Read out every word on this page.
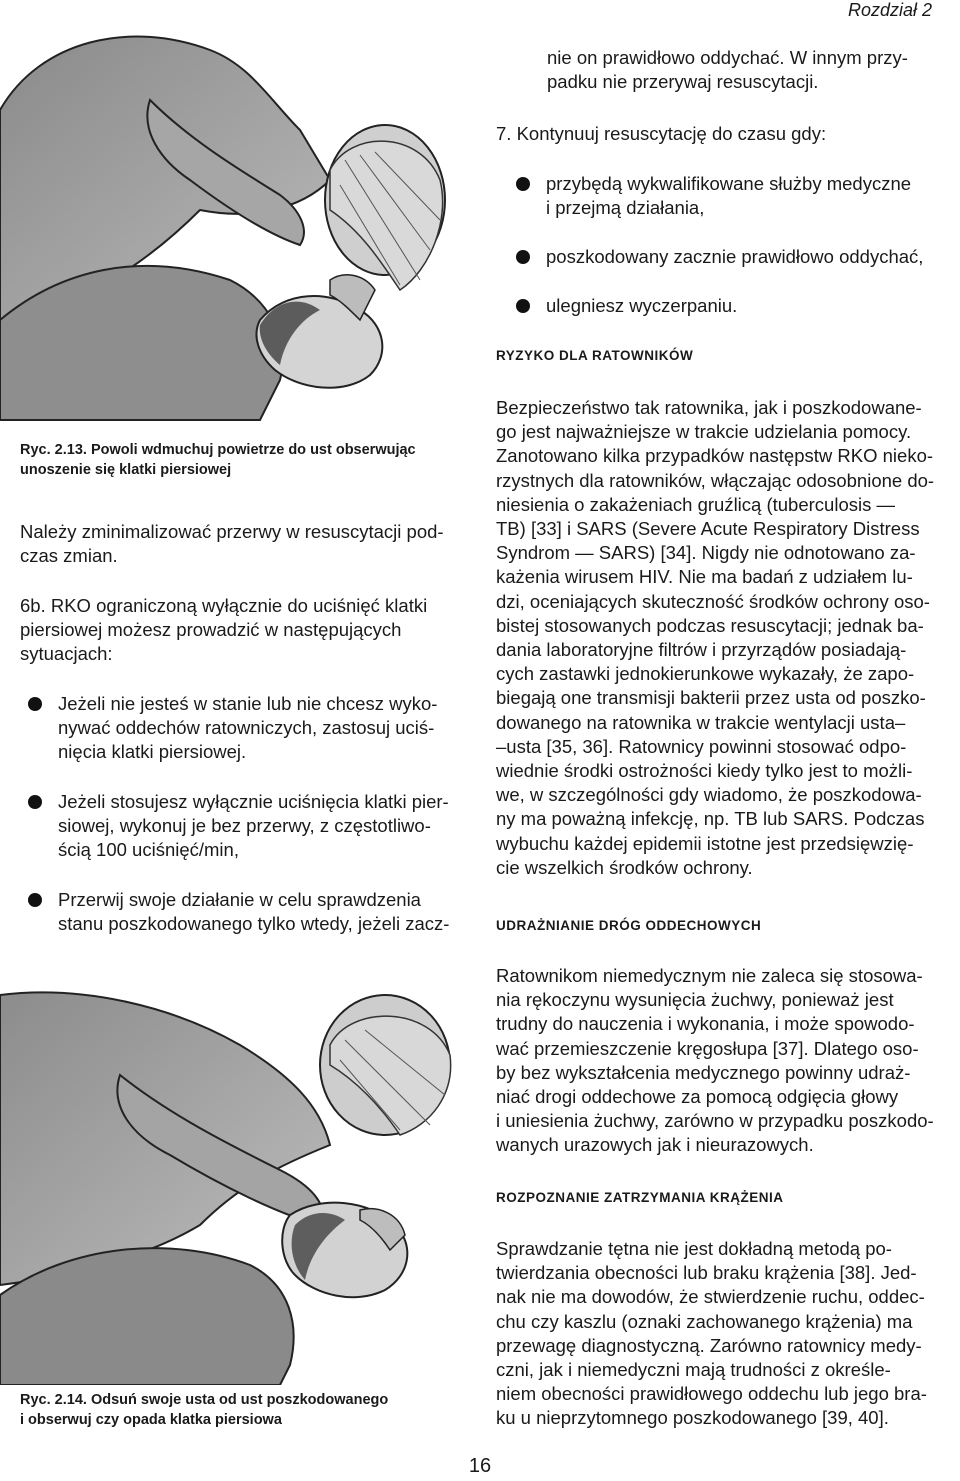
Rozdział 2
nie on prawidłowo oddychać. W innym przy-
padku nie przerywaj resuscytacji.
7. Kontynuuj resuscytację do czasu gdy:
przybędą wykwalifikowane służby medyczne
i przejmą działania,
poszkodowany zacznie prawidłowo oddychać,
ulegniesz wyczerpaniu.
RYZYKO DLA RATOWNIKÓW
Bezpieczeństwo tak ratownika, jak i poszkodowane-
go jest najważniejsze w trakcie udzielania pomocy.
Zanotowano kilka przypadków następstw RKO nieko-
rzystnych dla ratowników, włączając odosobnione do-
niesienia o zakażeniach gruźlicą (tuberculosis —
TB) [33] i SARS (Severe Acute Respiratory Distress
Syndrom — SARS) [34]. Nigdy nie odnotowano za-
każenia wirusem HIV. Nie ma badań z udziałem lu-
dzi, oceniających skuteczność środków ochrony oso-
bistej stosowanych podczas resuscytacji; jednak ba-
dania laboratoryjne filtrów i przyrządów posiadają-
cych zastawki jednokierunkowe wykazały, że zapo-
biegają one transmisji bakterii przez usta od poszko-
dowanego na ratownika w trakcie wentylacji usta–
–usta [35, 36]. Ratownicy powinni stosować odpo-
wiednie środki ostrożności kiedy tylko jest to możli-
we, w szczególności gdy wiadomo, że poszkodowa-
ny ma poważną infekcję, np. TB lub SARS. Podczas
wybuchu każdej epidemii istotne jest przedsięwzię-
cie wszelkich środków ochrony.
UDRAŻNIANIE DRÓG ODDECHOWYCH
Ratownikom niemedycznym nie zaleca się stosowa-
nia rękoczynu wysunięcia żuchwy, ponieważ jest
trudny do nauczenia i wykonania, i może spowodo-
wać przemieszczenie kręgosłupa [37]. Dlatego oso-
by bez wykształcenia medycznego powinny udraż-
niać drogi oddechowe za pomocą odgięcia głowy
i uniesienia żuchwy, zarówno w przypadku poszkodo-
wanych urazowych jak i nieurazowych.
ROZPOZNANIE ZATRZYMANIA KRĄŻENIA
Sprawdzanie tętna nie jest dokładną metodą po-
twierdzania obecności lub braku krążenia [38]. Jed-
nak nie ma dowodów, że stwierdzenie ruchu, oddec-
chu czy kaszlu (oznaki zachowanego krążenia) ma
przewagę diagnostyczną. Zarówno ratownicy medy-
czni, jak i niemedyczni mają trudności z określe-
niem obecności prawidłowego oddechu lub jego bra-
ku u nieprzytomnego poszkodowanego [39, 40].
Ryc. 2.13. Powoli wdmuchuj powietrze do ust obserwując
unoszenie się klatki piersiowej
Należy zminimalizować przerwy w resuscytacji pod-
czas zmian.
6b. RKO ograniczoną wyłącznie do uciśnięć klatki
piersiowej możesz prowadzić w następujących
sytuacjach:
Jeżeli nie jesteś w stanie lub nie chcesz wyko-
nywać oddechów ratowniczych, zastosuj uciś-
nięcia klatki piersiowej.
Jeżeli stosujesz wyłącznie uciśnięcia klatki pier-
siowej, wykonuj je bez przerwy, z częstotliwo-
ścią 100 uciśnięć/min,
Przerwij swoje działanie w celu sprawdzenia
stanu poszkodowanego tylko wtedy, jeżeli zacz-
Ryc. 2.14. Odsuń swoje usta od ust poszkodowanego
i obserwuj czy opada klatka piersiowa
16
